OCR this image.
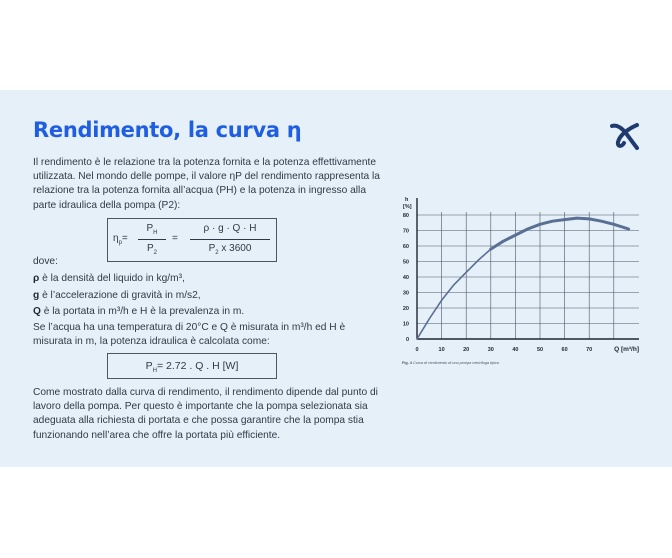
Rendimento, la curva η
Il rendimento è le relazione tra la potenza fornita e la potenza effettivamente utilizzata. Nel mondo delle pompe, il valore ηP del rendimento rappresenta la relazione tra la potenza fornita all’acqua (PH) e la potenza in ingresso alla parte idraulica della pompa (P2):
$\eta_p=$
$P_H$
$P_2$
=
ρ · g · Q · H
$P_2$ x 3600
dove:
ρ è la densità del liquido in kg/m³,
g è l’accelerazione di gravità in m/s2,
Q è la portata in m³/h e H è la prevalenza in m.
Se l’acqua ha una temperatura di 20°C e Q è misurata in m³/h ed H è misurata in m, la potenza idraulica è calcolata come:
$P_H= 2.72$ . Q . H [W]
Come mostrato dalla curva di rendimento, il rendimento dipende dal punto di lavoro della pompa. Per questo è importante che la pompa selezionata sia adeguata alla richiesta di portata e che possa garantire che la pompa stia funzionando nell’area che offre la portata più efficiente.
0
10
20
30
40
50
60
70
80
0	10	20	30	40	50	60	70
h
[%]
Q [m³/h]
Fig. 4 Curva di rendimento di una pompa centrifuga tipica
